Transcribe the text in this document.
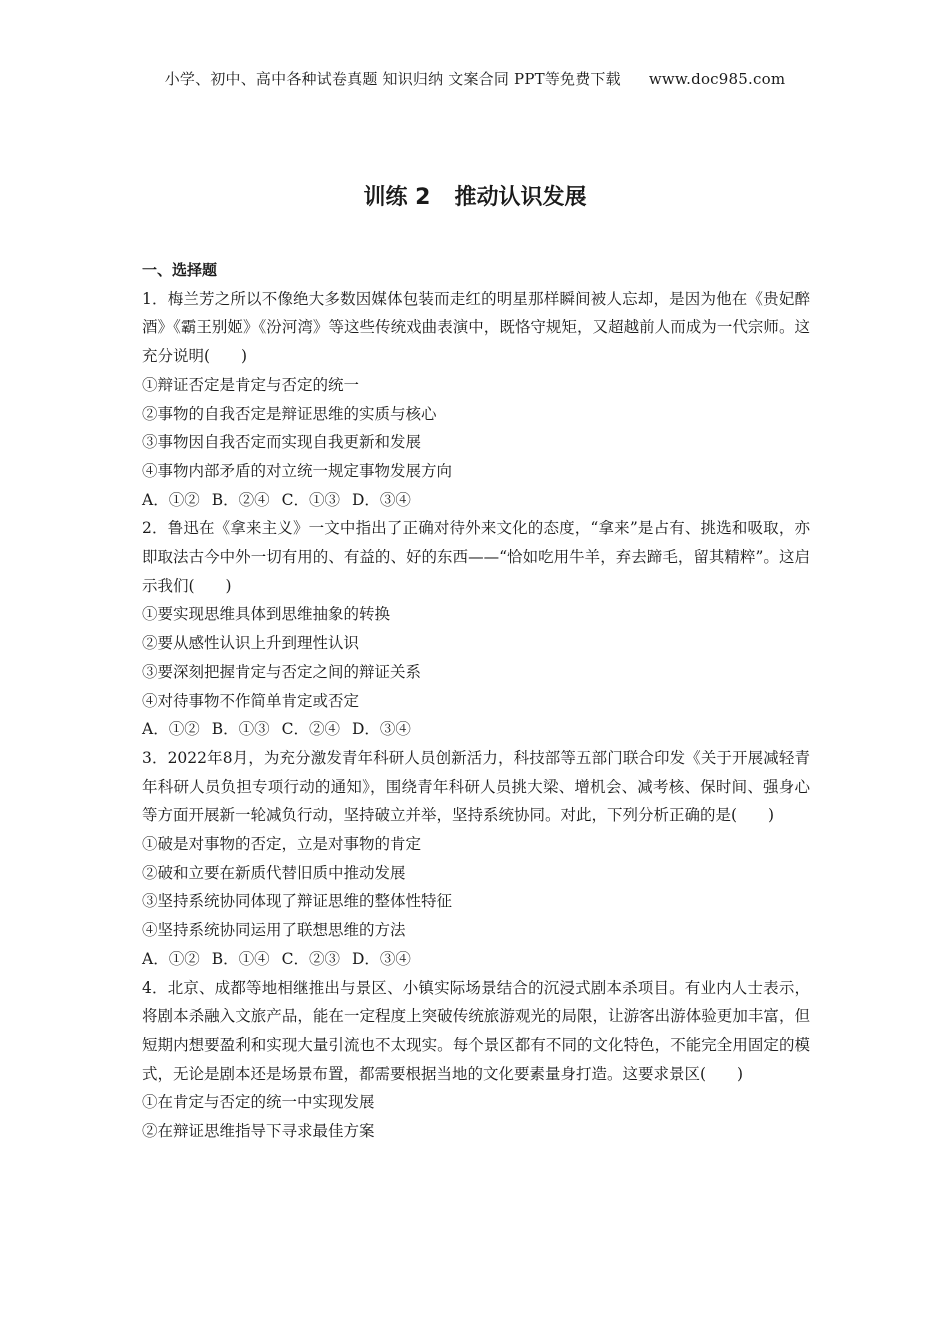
小学、初中、高中各种试卷真题 知识归纳 文案合同 PPT等免费下载 www.doc985.com
训练 2 推动认识发展

一、选择题

1．梅兰芳之所以不像绝大多数因媒体包装而走红的明星那样瞬间被人忘却，是因为他在《贵妃醉酒》《霸王别姬》《汾河湾》等这些传统戏曲表演中，既恪守规矩，又超越前人而成为一代宗师。这充分说明(　　)

①辩证否定是肯定与否定的统一

②事物的自我否定是辩证思维的实质与核心

③事物因自我否定而实现自我更新和发展

④事物内部矛盾的对立统一规定事物发展方向

A．①② B．②④ C．①③ D．③④

2．鲁迅在《拿来主义》一文中指出了正确对待外来文化的态度，“拿来”是占有、挑选和吸取，亦即取法古今中外一切有用的、有益的、好的东西——“恰如吃用牛羊，弃去蹄毛，留其精粹”。这启示我们(　　)

①要实现思维具体到思维抽象的转换

②要从感性认识上升到理性认识

③要深刻把握肯定与否定之间的辩证关系

④对待事物不作简单肯定或否定

A．①② B．①③ C．②④ D．③④

3．2022年8月，为充分激发青年科研人员创新活力，科技部等五部门联合印发《关于开展减轻青年科研人员负担专项行动的通知》，围绕青年科研人员挑大梁、增机会、减考核、保时间、强身心等方面开展新一轮减负行动，坚持破立并举，坚持系统协同。对此，下列分析正确的是(　　)

①破是对事物的否定，立是对事物的肯定

②破和立要在新质代替旧质中推动发展

③坚持系统协同体现了辩证思维的整体性特征

④坚持系统协同运用了联想思维的方法

A．①② B．①④ C．②③ D．③④

4．北京、成都等地相继推出与景区、小镇实际场景结合的沉浸式剧本杀项目。有业内人士表示，将剧本杀融入文旅产品，能在一定程度上突破传统旅游观光的局限，让游客出游体验更加丰富，但短期内想要盈利和实现大量引流也不太现实。每个景区都有不同的文化特色，不能完全用固定的模式，无论是剧本还是场景布置，都需要根据当地的文化要素量身打造。这要求景区(　　)

①在肯定与否定的统一中实现发展

②在辩证思维指导下寻求最佳方案
